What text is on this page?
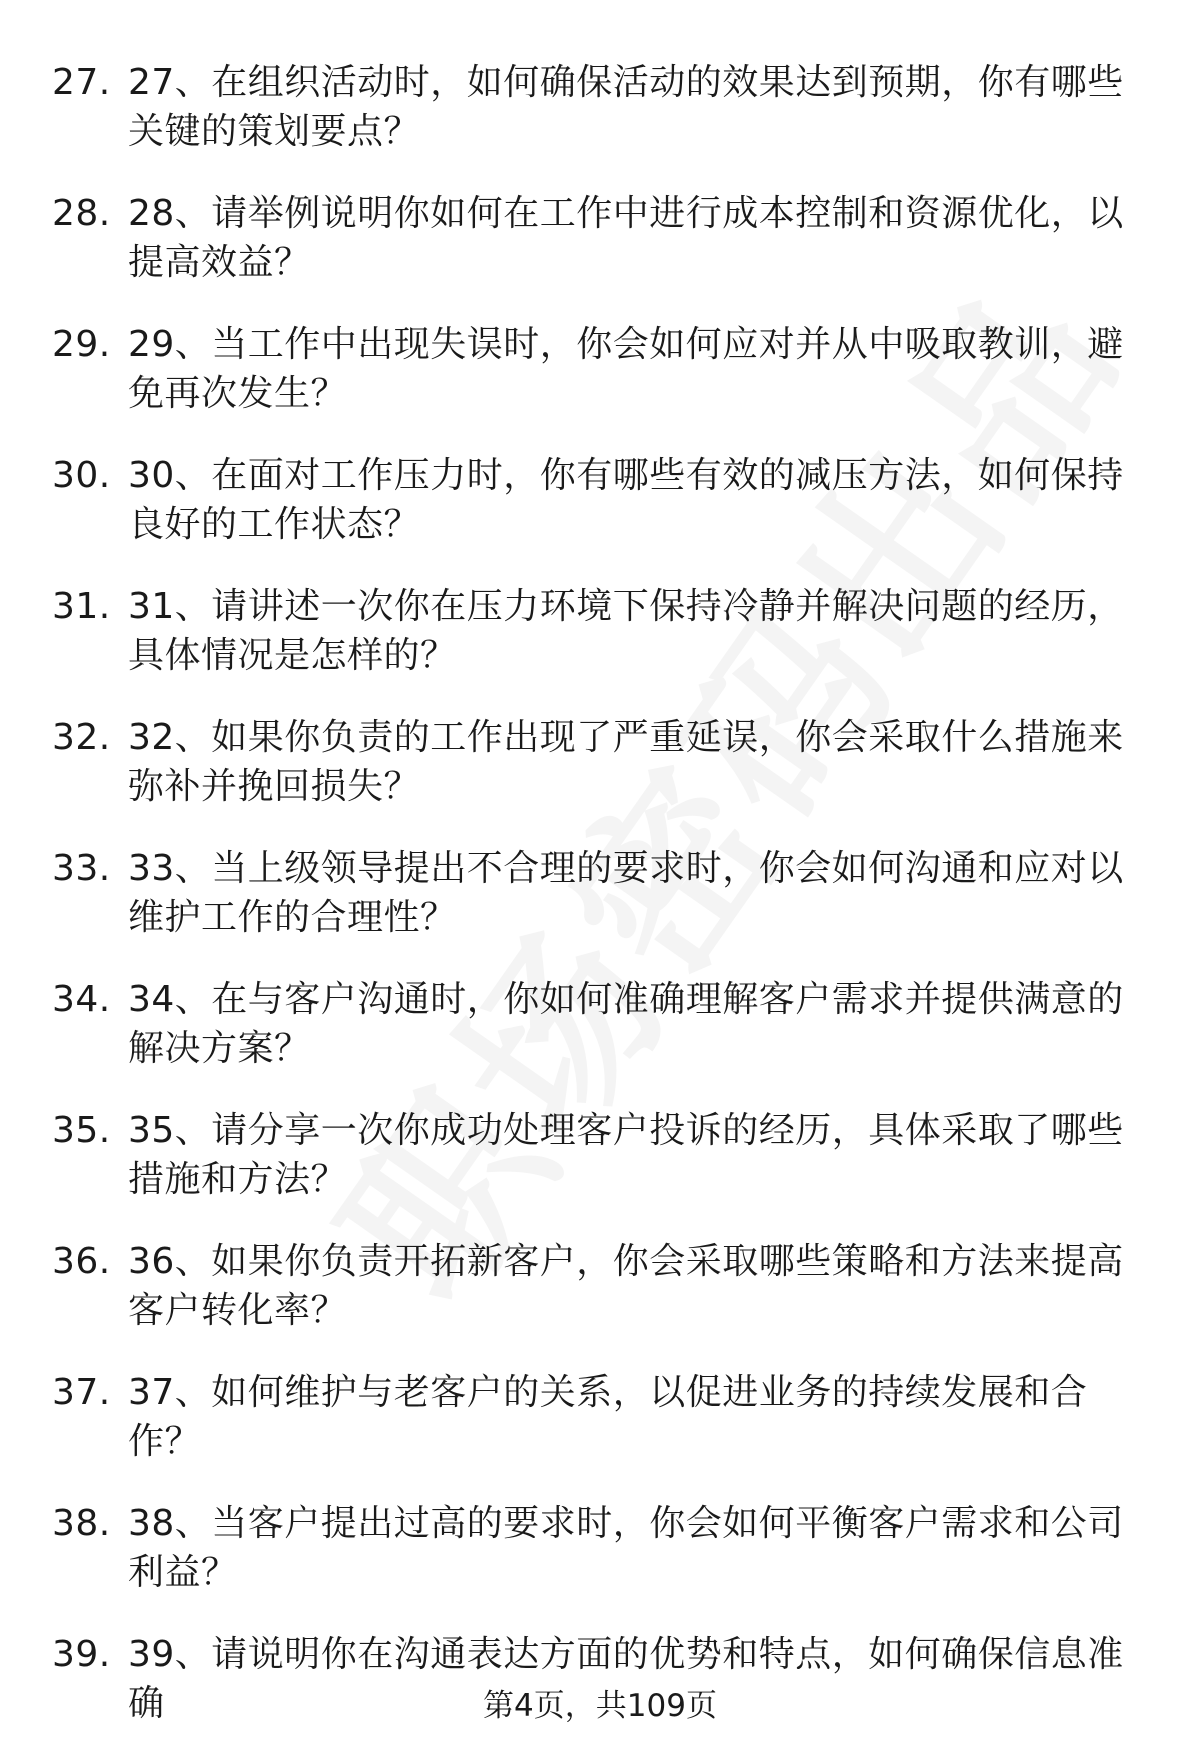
27. 27、在组织活动时，如何确保活动的效果达到预期，你有哪些关键的策划要点？
28. 28、请举例说明你如何在工作中进行成本控制和资源优化，以提高效益？
29. 29、当工作中出现失误时，你会如何应对并从中吸取教训，避免再次发生？
30. 30、在面对工作压力时，你有哪些有效的减压方法，如何保持良好的工作状态？
31. 31、请讲述一次你在压力环境下保持冷静并解决问题的经历，具体情况是怎样的？
32. 32、如果你负责的工作出现了严重延误，你会采取什么措施来弥补并挽回损失？
33. 33、当上级领导提出不合理的要求时，你会如何沟通和应对以维护工作的合理性？
34. 34、在与客户沟通时，你如何准确理解客户需求并提供满意的解决方案？
35. 35、请分享一次你成功处理客户投诉的经历，具体采取了哪些措施和方法？
36. 36、如果你负责开拓新客户，你会采取哪些策略和方法来提高客户转化率？
37. 37、如何维护与老客户的关系，以促进业务的持续发展和合作？
38. 38、当客户提出过高的要求时，你会如何平衡客户需求和公司利益？
39. 39、请说明你在沟通表达方面的优势和特点，如何确保信息准确	第4页，共109页
